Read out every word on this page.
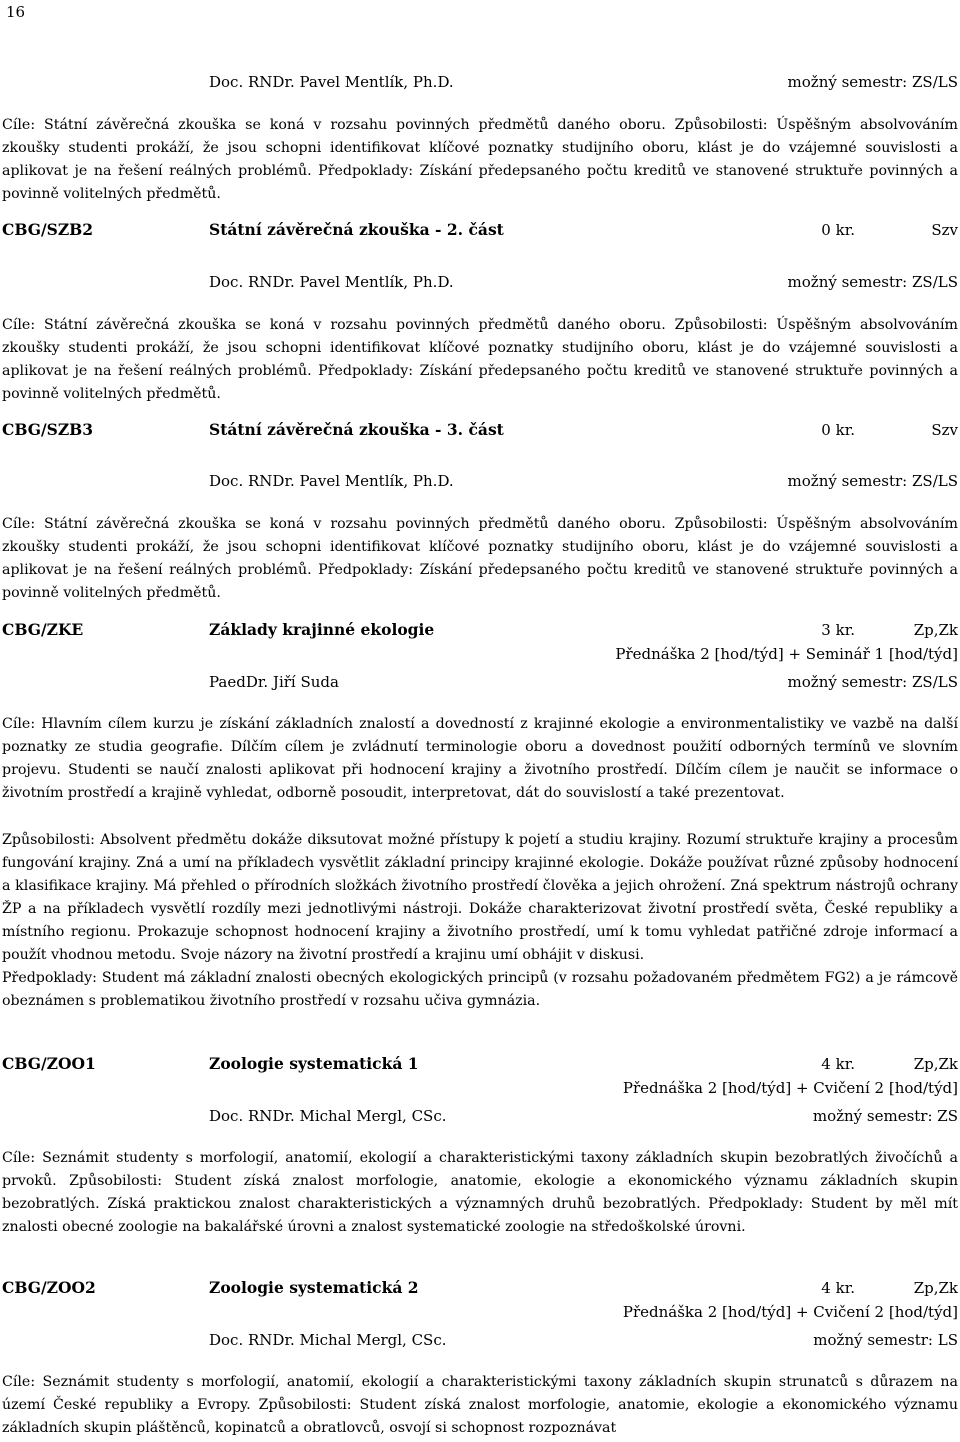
16
Doc. RNDr. Pavel Mentlík, Ph.D.	možný semestr: ZS/LS

Cíle: Státní závěrečná zkouška se koná v rozsahu povinných předmětů daného oboru. Způsobilosti: Úspěšným absolvováním zkoušky studenti prokáží, že jsou schopni identifikovat klíčové poznatky studijního oboru, klást je do vzájemné souvislosti a aplikovat je na řešení reálných problémů. Předpoklady: Získání předepsaného počtu kreditů ve stanovené struktuře povinných a povinně volitelných předmětů.

CBG/SZB2	Státní závěrečná zkouška - 2. část	0 kr.	Szv
Doc. RNDr. Pavel Mentlík, Ph.D.	možný semestr: ZS/LS

Cíle: Státní závěrečná zkouška se koná v rozsahu povinných předmětů daného oboru. Způsobilosti: Úspěšným absolvováním zkoušky studenti prokáží, že jsou schopni identifikovat klíčové poznatky studijního oboru, klást je do vzájemné souvislosti a aplikovat je na řešení reálných problémů. Předpoklady: Získání předepsaného počtu kreditů ve stanovené struktuře povinných a povinně volitelných předmětů.

CBG/SZB3	Státní závěrečná zkouška - 3. část	0 kr.	Szv
Doc. RNDr. Pavel Mentlík, Ph.D.	možný semestr: ZS/LS

Cíle: Státní závěrečná zkouška se koná v rozsahu povinných předmětů daného oboru. Způsobilosti: Úspěšným absolvováním zkoušky studenti prokáží, že jsou schopni identifikovat klíčové poznatky studijního oboru, klást je do vzájemné souvislosti a aplikovat je na řešení reálných problémů. Předpoklady: Získání předepsaného počtu kreditů ve stanovené struktuře povinných a povinně volitelných předmětů.

CBG/ZKE	Základy krajinné ekologie	3 kr.	Zp,Zk
Přednáška 2 [hod/týd] + Seminář 1 [hod/týd]
PaedDr. Jiří Suda	možný semestr: ZS/LS

Cíle: Hlavním cílem kurzu je získání základních znalostí a dovedností z krajinné ekologie a environmentalistiky ve vazbě na další poznatky ze studia geografie. Dílčím cílem je zvládnutí terminologie oboru a dovednost použití odborných termínů ve slovním projevu. Studenti se naučí znalosti aplikovat při hodnocení krajiny a životního prostředí. Dílčím cílem je naučit se informace o životním prostředí a krajině vyhledat, odborně posoudit, interpretovat, dát do souvislostí a také prezentovat.

Způsobilosti: Absolvent předmětu dokáže diksutovat možné přístupy k pojetí a studiu krajiny. Rozumí struktuře krajiny a procesům fungování krajiny. Zná a umí na příkladech vysvětlit základní principy krajinné ekologie. Dokáže používat různé způsoby hodnocení a klasifikace krajiny. Má přehled o přírodních složkách životního prostředí člověka a jejich ohrožení. Zná spektrum nástrojů ochrany ŽP a na příkladech vysvětlí rozdíly mezi jednotlivými nástroji. Dokáže charakterizovat životní prostředí světa, České republiky a místního regionu. Prokazuje schopnost hodnocení krajiny a životního prostředí, umí k tomu vyhledat patřičné zdroje informací a použít vhodnou metodu. Svoje názory na životní prostředí a krajinu umí obhájit v diskusi.

Předpoklady: Student má základní znalosti obecných ekologických principů (v rozsahu požadovaném předmětem FG2) a je rámcově obeznámen s problematikou životního prostředí v rozsahu učiva gymnázia.

CBG/ZOO1	Zoologie systematická 1	4 kr.	Zp,Zk
Přednáška 2 [hod/týd] + Cvičení 2 [hod/týd]
Doc. RNDr. Michal Mergl, CSc.	možný semestr: ZS

Cíle: Seznámit studenty s morfologií, anatomií, ekologií a charakteristickými taxony základních skupin bezobratlých živočíchů a prvoků. Způsobilosti: Student získá znalost morfologie, anatomie, ekologie a ekonomického významu základních skupin bezobratlých. Získá praktickou znalost charakteristických a významných druhů bezobratlých. Předpoklady: Student by měl mít znalosti obecné zoologie na bakalářské úrovni a znalost systematické zoologie na středoškolské úrovni.

CBG/ZOO2	Zoologie systematická 2	4 kr.	Zp,Zk
Přednáška 2 [hod/týd] + Cvičení 2 [hod/týd]
Doc. RNDr. Michal Mergl, CSc.	možný semestr: LS

Cíle: Seznámit studenty s morfologií, anatomií, ekologií a charakteristickými taxony základních skupin strunatců s důrazem na území České republiky a Evropy. Způsobilosti: Student získá znalost morfologie, anatomie, ekologie a ekonomického významu základních skupin pláštěnců, kopinatců a obratlovců, osvojí si schopnost rozpoznávat
